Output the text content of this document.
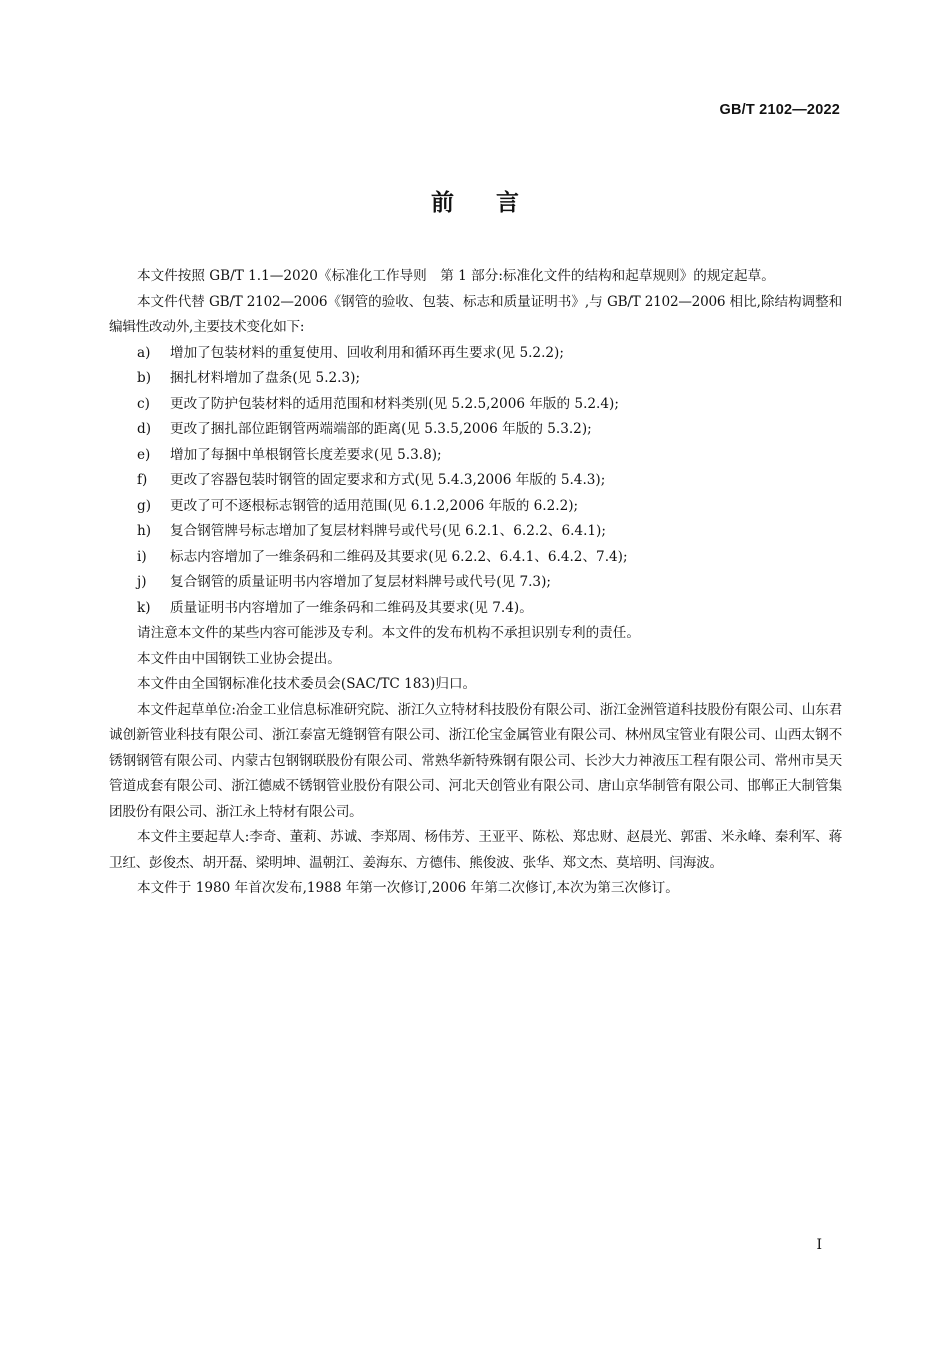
GB/T 2102—2022
前言

本文件按照 GB/T 1.1—2020《标准化工作导则　第 1 部分:标准化文件的结构和起草规则》的规定起草。

本文件代替 GB/T 2102—2006《钢管的验收、包装、标志和质量证明书》,与 GB/T 2102—2006 相比,除结构调整和编辑性改动外,主要技术变化如下:

a)	增加了包装材料的重复使用、回收利用和循环再生要求(见 5.2.2);
b)	捆扎材料增加了盘条(见 5.2.3);
c)	更改了防护包装材料的适用范围和材料类别(见 5.2.5,2006 年版的 5.2.4);
d)	更改了捆扎部位距钢管两端端部的距离(见 5.3.5,2006 年版的 5.3.2);
e)	增加了每捆中单根钢管长度差要求(见 5.3.8);
f)	更改了容器包装时钢管的固定要求和方式(见 5.4.3,2006 年版的 5.4.3);
g)	更改了可不逐根标志钢管的适用范围(见 6.1.2,2006 年版的 6.2.2);
h)	复合钢管牌号标志增加了复层材料牌号或代号(见 6.2.1、6.2.2、6.4.1);
i)	标志内容增加了一维条码和二维码及其要求(见 6.2.2、6.4.1、6.4.2、7.4);
j)	复合钢管的质量证明书内容增加了复层材料牌号或代号(见 7.3);
k)	质量证明书内容增加了一维条码和二维码及其要求(见 7.4)。

请注意本文件的某些内容可能涉及专利。本文件的发布机构不承担识别专利的责任。

本文件由中国钢铁工业协会提出。

本文件由全国钢标准化技术委员会(SAC/TC 183)归口。

本文件起草单位:冶金工业信息标准研究院、浙江久立特材科技股份有限公司、浙江金洲管道科技股份有限公司、山东君诚创新管业科技有限公司、浙江泰富无缝钢管有限公司、浙江伦宝金属管业有限公司、林州凤宝管业有限公司、山西太钢不锈钢钢管有限公司、内蒙古包钢钢联股份有限公司、常熟华新特殊钢有限公司、长沙大力神液压工程有限公司、常州市昊天管道成套有限公司、浙江德威不锈钢管业股份有限公司、河北天创管业有限公司、唐山京华制管有限公司、邯郸正大制管集团股份有限公司、浙江永上特材有限公司。

本文件主要起草人:李奇、董莉、苏诚、李郑周、杨伟芳、王亚平、陈松、郑忠财、赵晨光、郭雷、米永峰、秦利军、蒋卫红、彭俊杰、胡开磊、梁明坤、温朝江、姜海东、方德伟、熊俊波、张华、郑文杰、莫培明、闫海波。

本文件于 1980 年首次发布,1988 年第一次修订,2006 年第二次修订,本次为第三次修订。

I
